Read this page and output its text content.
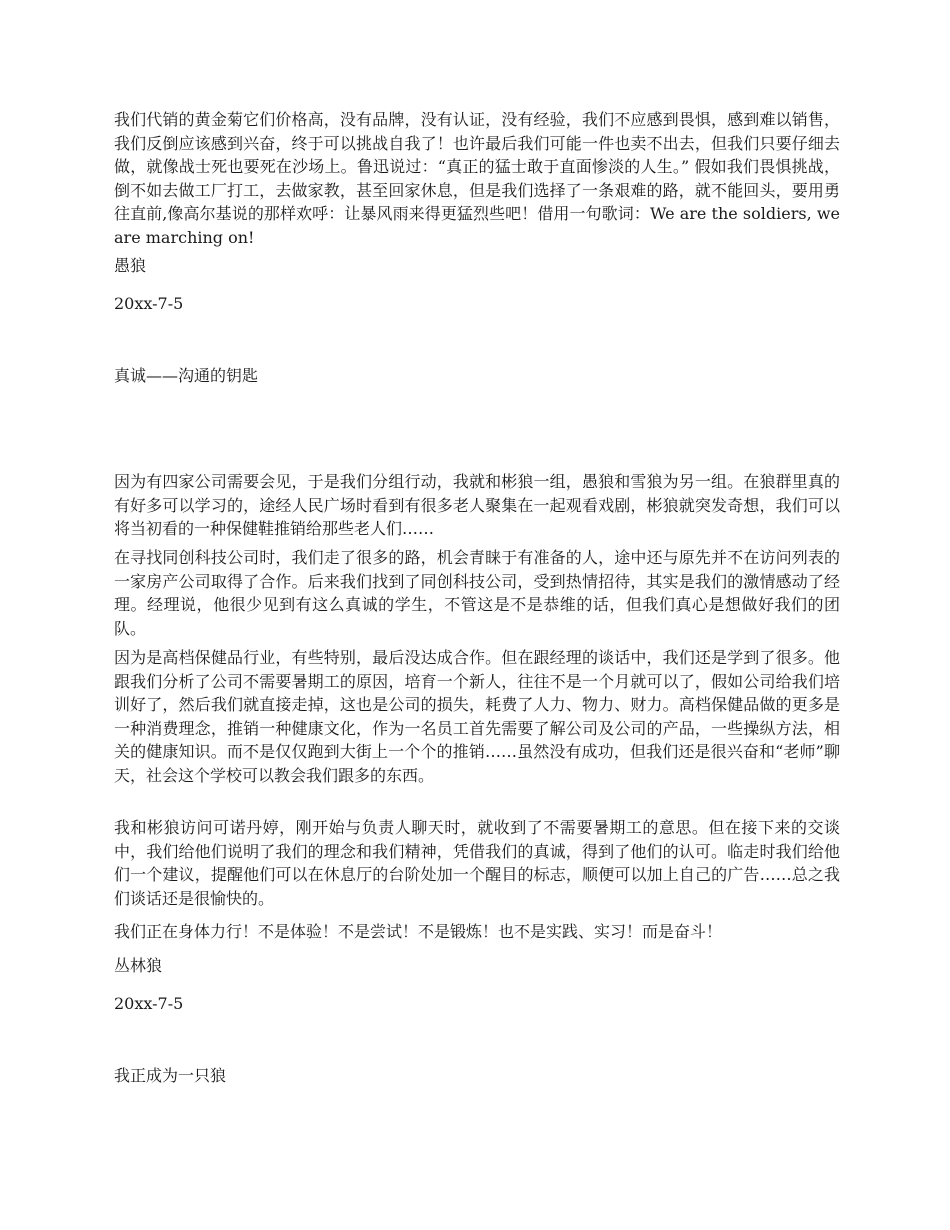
我们代销的黄金菊它们价格高，没有品牌，没有认证，没有经验，我们不应感到畏惧，感到难以销售，我们反倒应该感到兴奋，终于可以挑战自我了！也许最后我们可能一件也卖不出去，但我们只要仔细去做，就像战士死也要死在沙场上。鲁迅说过：“真正的猛士敢于直面惨淡的人生。” 假如我们畏惧挑战，倒不如去做工厂打工，去做家教，甚至回家休息，但是我们选择了一条艰难的路，就不能回头，要用勇往直前,像高尔基说的那样欢呼：让暴风雨来得更猛烈些吧！借用一句歌词：We are the soldiers, we are marching on!

愚狼

20xx-7-5

真诚——沟通的钥匙

因为有四家公司需要会见，于是我们分组行动，我就和彬狼一组，愚狼和雪狼为另一组。在狼群里真的有好多可以学习的，途经人民广场时看到有很多老人聚集在一起观看戏剧，彬狼就突发奇想，我们可以将当初看的一种保健鞋推销给那些老人们……

在寻找同创科技公司时，我们走了很多的路，机会青睐于有准备的人，途中还与原先并不在访问列表的一家房产公司取得了合作。后来我们找到了同创科技公司，受到热情招待，其实是我们的激情感动了经理。经理说，他很少见到有这么真诚的学生，不管这是不是恭维的话，但我们真心是想做好我们的团队。

因为是高档保健品行业，有些特别，最后没达成合作。但在跟经理的谈话中，我们还是学到了很多。他跟我们分析了公司不需要暑期工的原因，培育一个新人，往往不是一个月就可以了，假如公司给我们培训好了，然后我们就直接走掉，这也是公司的损失，耗费了人力、物力、财力。高档保健品做的更多是一种消费理念，推销一种健康文化，作为一名员工首先需要了解公司及公司的产品，一些操纵方法，相关的健康知识。而不是仅仅跑到大街上一个个的推销……虽然没有成功，但我们还是很兴奋和“老师”聊天，社会这个学校可以教会我们跟多的东西。

我和彬狼访问可诺丹婷，刚开始与负责人聊天时，就收到了不需要暑期工的意思。但在接下来的交谈中，我们给他们说明了我们的理念和我们精神，凭借我们的真诚，得到了他们的认可。临走时我们给他们一个建议，提醒他们可以在休息厅的台阶处加一个醒目的标志，顺便可以加上自己的广告……总之我们谈话还是很愉快的。

我们正在身体力行！不是体验！不是尝试！不是锻炼！也不是实践、实习！而是奋斗！

丛林狼

20xx-7-5

我正成为一只狼
